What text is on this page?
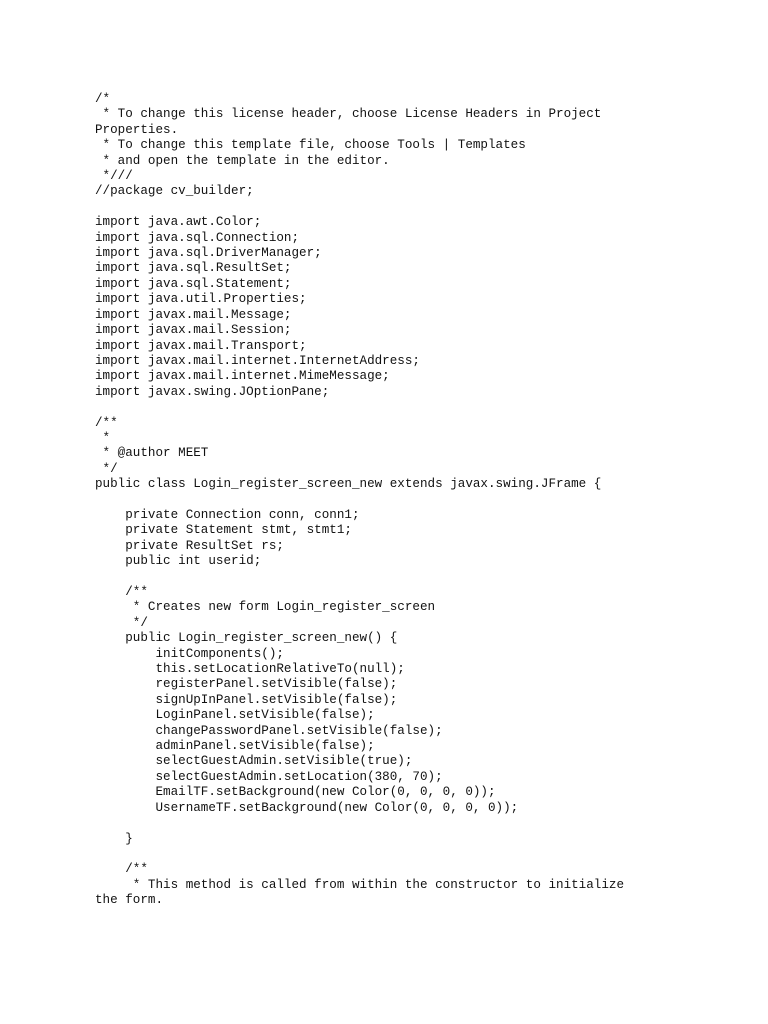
/*
* To change this license header, choose License Headers in Project
Properties.
* To change this template file, choose Tools | Templates
* and open the template in the editor.
*///
//package cv_builder;
import java.awt.Color;
import java.sql.Connection;
import java.sql.DriverManager;
import java.sql.ResultSet;
import java.sql.Statement;
import java.util.Properties;
import javax.mail.Message;
import javax.mail.Session;
import javax.mail.Transport;
import javax.mail.internet.InternetAddress;
import javax.mail.internet.MimeMessage;
import javax.swing.JOptionPane;
/**
*
* @author MEET
*/
public class Login_register_screen_new extends javax.swing.JFrame {
private Connection conn, conn1;
private Statement stmt, stmt1;
private ResultSet rs;
public int userid;
/**
* Creates new form Login_register_screen
*/
public Login_register_screen_new() {
initComponents();
this.setLocationRelativeTo(null);
registerPanel.setVisible(false);
signUpInPanel.setVisible(false);
LoginPanel.setVisible(false);
changePasswordPanel.setVisible(false);
adminPanel.setVisible(false);
selectGuestAdmin.setVisible(true);
selectGuestAdmin.setLocation(380, 70);
EmailTF.setBackground(new Color(0, 0, 0, 0));
UsernameTF.setBackground(new Color(0, 0, 0, 0));
}
/**
* This method is called from within the constructor to initialize
the form.
